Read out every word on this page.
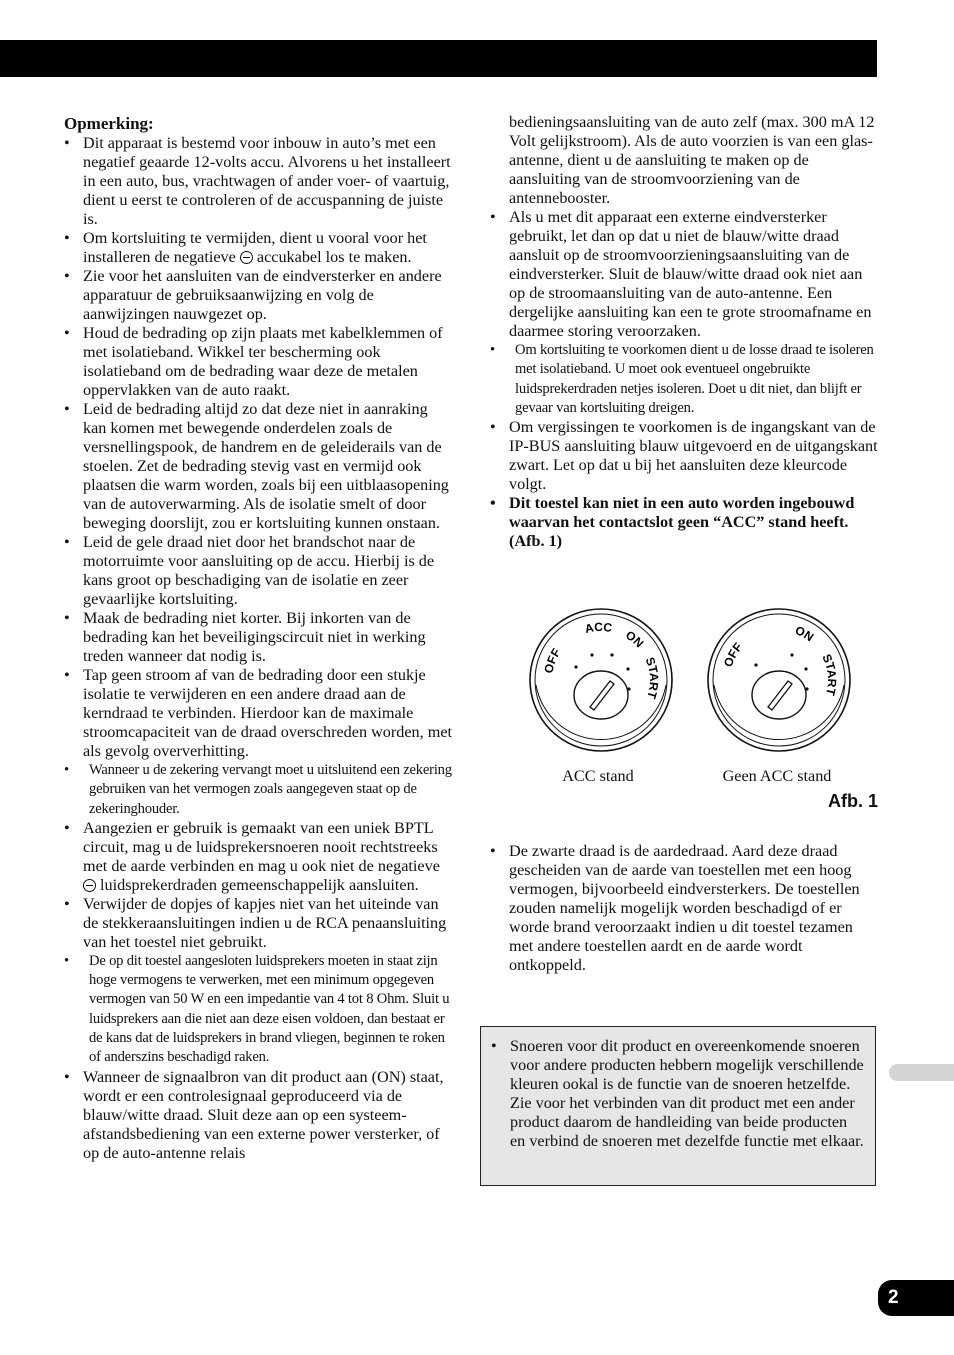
2
Opmerking:
• Dit apparaat is bestemd voor inbouw in auto’s met een negatief geaarde 12-volts accu. Alvorens u het installeert in een auto, bus, vrachtwagen of ander voer- of vaartuig, dient u eerst te controleren of de accuspanning de juiste is.
• Om kortsluiting te vermijden, dient u vooral voor het installeren de negatieve accukabel los te maken.
• Zie voor het aansluiten van de eindversterker en andere apparatuur de gebruiksaanwijzing en volg de aanwijzingen nauwgezet op.
• Houd de bedrading op zijn plaats met kabelklemmen of met isolatieband. Wikkel ter bescherming ook isolatieband om de bedrading waar deze de metalen oppervlakken van de auto raakt.
• Leid de bedrading altijd zo dat deze niet in aanraking kan komen met bewegende onderdelen zoals de versnellingspook, de handrem en de geleiderails van de stoelen. Zet de bedrading stevig vast en vermijd ook plaatsen die warm worden, zoals bij een uitblaasopening van de autoverwarming. Als de isolatie smelt of door beweging doorslijt, zou er kortsluiting kunnen onstaan.
• Leid de gele draad niet door het brandschot naar de motorruimte voor aansluiting op de accu. Hierbij is de kans groot op beschadiging van de isolatie en zeer gevaarlijke kortsluiting.
• Maak de bedrading niet korter. Bij inkorten van de bedrading kan het beveiligingscircuit niet in werking treden wanneer dat nodig is.
• Tap geen stroom af van de bedrading door een stukje isolatie te verwijderen en een andere draad aan de kerndraad te verbinden. Hierdoor kan de maximale stroomcapaciteit van de draad overschreden worden, met als gevolg oververhitting.
• Wanneer u de zekering vervangt moet u uitsluitend een zekering gebruiken van het vermogen zoals aangegeven staat op de zekeringhouder.
• Aangezien er gebruik is gemaakt van een uniek BPTL circuit, mag u de luidsprekersnoeren nooit rechtstreeks met de aarde verbinden en mag u ook niet de negatieve  luidsprekerdraden gemeenschappelijk aansluiten.
• Verwijder de dopjes of kapjes niet van het uiteinde van de stekkeraansluitingen indien u de RCA penaansluiting van het toestel niet gebruikt.
• De op dit toestel aangesloten luidsprekers moeten in staat zijn hoge vermogens te verwerken, met een minimum opgegeven vermogen van 50 W en een impedantie van 4 tot 8 Ohm. Sluit u luidsprekers aan die niet aan deze eisen voldoen, dan bestaat er de kans dat de luidsprekers in brand vliegen, beginnen te roken of anderszins beschadigd raken.
• Wanneer de signaalbron van dit product aan (ON) staat, wordt er een controlesignaal geproduceerd via de blauw/witte draad. Sluit deze aan op een systeem-afstandsbediening van een externe power versterker, of op de auto-antenne relais
bedieningsaansluiting van de auto zelf (max. 300 mA 12 Volt gelijkstroom). Als de auto voorzien is van een glas-antenne, dient u de aansluiting te maken op de aansluiting van de stroomvoorziening van de antennebooster.
• Als u met dit apparaat een externe eindversterker gebruikt, let dan op dat u niet de blauw/witte draad aansluit op de stroomvoorzieningsaansluiting van de eindversterker. Sluit de blauw/witte draad ook niet aan op de stroomaansluiting van de auto-antenne. Een dergelijke aansluiting kan een te grote stroomafname en daarmee storing veroorzaken.
• Om kortsluiting te voorkomen dient u de losse draad te isoleren met isolatieband. U moet ook eventueel ongebruikte luidsprekerdraden netjes isoleren. Doet u dit niet, dan blijft er gevaar van kortsluiting dreigen.
• Om vergissingen te voorkomen is de ingangskant van de IP-BUS aansluiting blauw uitgevoerd en de uitgangskant zwart. Let op dat u bij het aansluiten deze kleurcode volgt.
• Dit toestel kan niet in een auto worden ingebouwd waarvan het contactslot geen “ACC” stand heeft. (Afb. 1)
OFF
ACC
ON
START
OFF
ON
START
ACC stand	Geen ACC stand
Afb. 1
• De zwarte draad is de aardedraad. Aard deze draad gescheiden van de aarde van toestellen met een hoog vermogen, bijvoorbeeld eindversterkers. De toestellen zouden namelijk mogelijk worden beschadigd of er worde brand veroorzaakt indien u dit toestel tezamen met andere toestellen aardt en de aarde wordt ontkoppeld.
• Snoeren voor dit product en overeenkomende snoeren voor andere producten hebbern mogelijk verschillende kleuren ookal is de functie van de snoeren hetzelfde. Zie voor het verbinden van dit product met een ander product daarom de handleiding van beide producten en verbind de snoeren met dezelfde functie met elkaar.
